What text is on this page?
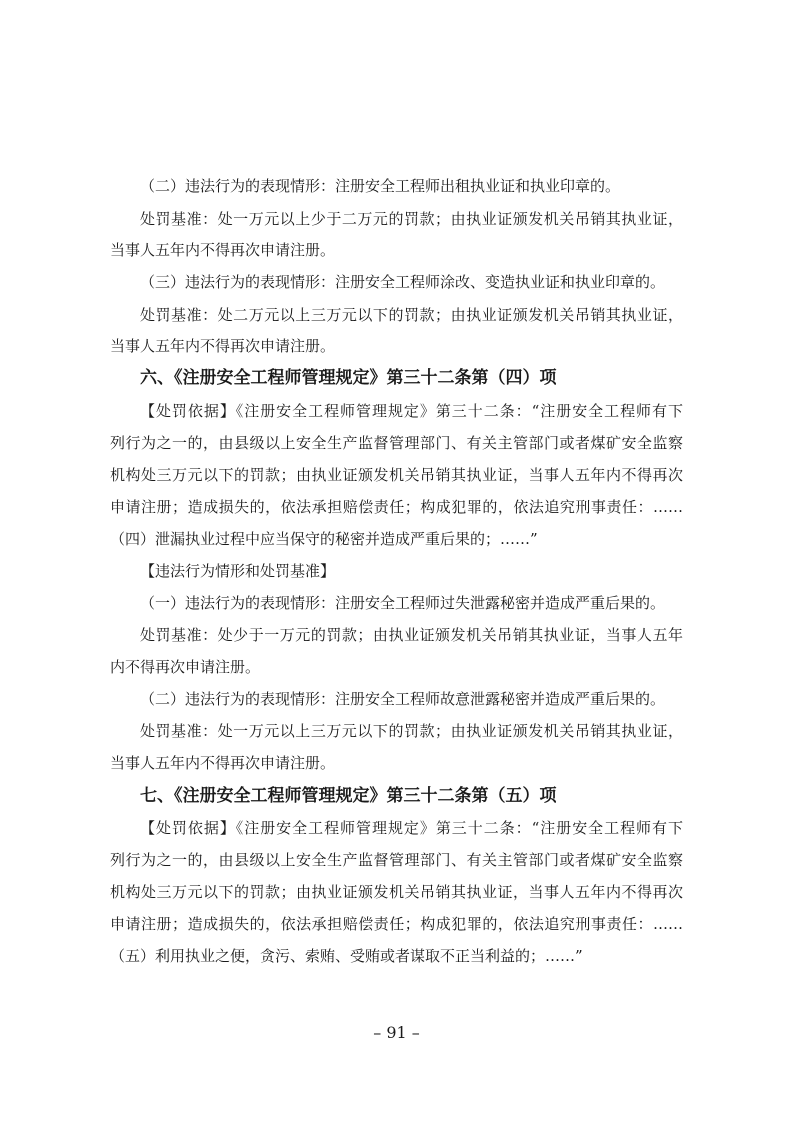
（二）违法行为的表现情形：注册安全工程师出租执业证和执业印章的。
处罚基准：处一万元以上少于二万元的罚款；由执业证颁发机关吊销其执业证，
当事人五年内不得再次申请注册。
（三）违法行为的表现情形：注册安全工程师涂改、变造执业证和执业印章的。
处罚基准：处二万元以上三万元以下的罚款；由执业证颁发机关吊销其执业证，
当事人五年内不得再次申请注册。
六、《注册安全工程师管理规定》第三十二条第（四）项
【处罚依据】《注册安全工程师管理规定》第三十二条：“注册安全工程师有下
列行为之一的，由县级以上安全生产监督管理部门、有关主管部门或者煤矿安全监察
机构处三万元以下的罚款；由执业证颁发机关吊销其执业证，当事人五年内不得再次
申请注册；造成损失的，依法承担赔偿责任；构成犯罪的，依法追究刑事责任：……
（四）泄漏执业过程中应当保守的秘密并造成严重后果的；……”
【违法行为情形和处罚基准】
（一）违法行为的表现情形：注册安全工程师过失泄露秘密并造成严重后果的。
处罚基准：处少于一万元的罚款；由执业证颁发机关吊销其执业证，当事人五年
内不得再次申请注册。
（二）违法行为的表现情形：注册安全工程师故意泄露秘密并造成严重后果的。
处罚基准：处一万元以上三万元以下的罚款；由执业证颁发机关吊销其执业证，
当事人五年内不得再次申请注册。
七、《注册安全工程师管理规定》第三十二条第（五）项
【处罚依据】《注册安全工程师管理规定》第三十二条：“注册安全工程师有下
列行为之一的，由县级以上安全生产监督管理部门、有关主管部门或者煤矿安全监察
机构处三万元以下的罚款；由执业证颁发机关吊销其执业证，当事人五年内不得再次
申请注册；造成损失的，依法承担赔偿责任；构成犯罪的，依法追究刑事责任：……
（五）利用执业之便，贪污、索贿、受贿或者谋取不正当利益的；……”
– 91 –
